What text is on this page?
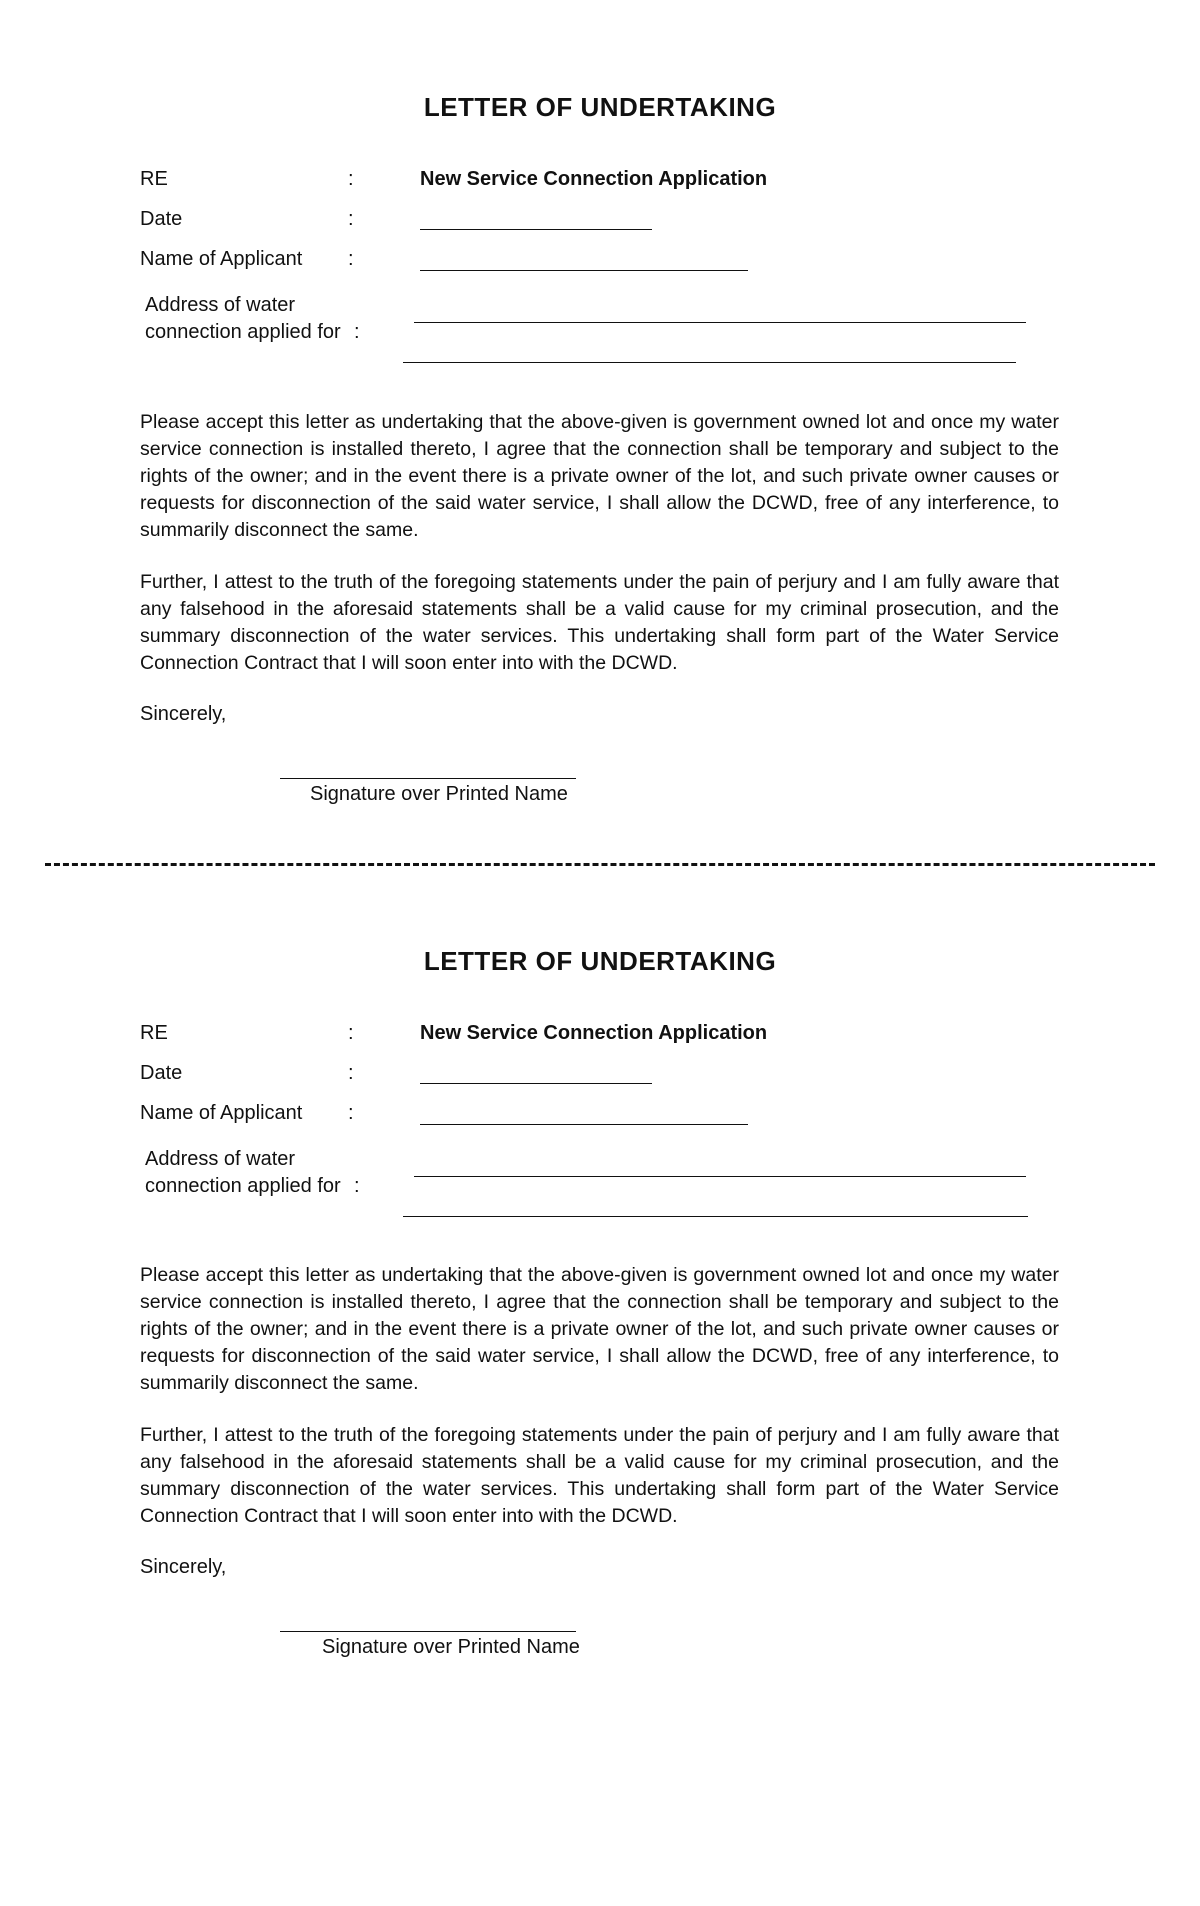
LETTER OF UNDERTAKING
RE	:	New Service Connection Application
Date	:
Name of Applicant :
Address of water
connection applied for :
Please accept this letter as undertaking that the above-given is government owned lot and once my water service connection is installed thereto, I agree that the connection shall be temporary and subject to the rights of the owner; and in the event there is a private owner of the lot, and such private owner causes or requests for disconnection of the said water service, I shall allow the DCWD, free of any interference, to summarily disconnect the same.
Further, I attest to the truth of the foregoing statements under the pain of perjury and I am fully aware that any falsehood in the aforesaid statements shall be a valid cause for my criminal prosecution, and the summary disconnection of the water services. This undertaking shall form part of the Water Service Connection Contract that I will soon enter into with the DCWD.
Sincerely,
Signature over Printed Name
LETTER OF UNDERTAKING
RE	:	New Service Connection Application
Date	:
Name of Applicant :
Address of water
connection applied for :
Please accept this letter as undertaking that the above-given is government owned lot and once my water service connection is installed thereto, I agree that the connection shall be temporary and subject to the rights of the owner; and in the event there is a private owner of the lot, and such private owner causes or requests for disconnection of the said water service, I shall allow the DCWD, free of any interference, to summarily disconnect the same.
Further, I attest to the truth of the foregoing statements under the pain of perjury and I am fully aware that any falsehood in the aforesaid statements shall be a valid cause for my criminal prosecution, and the summary disconnection of the water services. This undertaking shall form part of the Water Service Connection Contract that I will soon enter into with the DCWD.
Sincerely,
Signature over Printed Name
